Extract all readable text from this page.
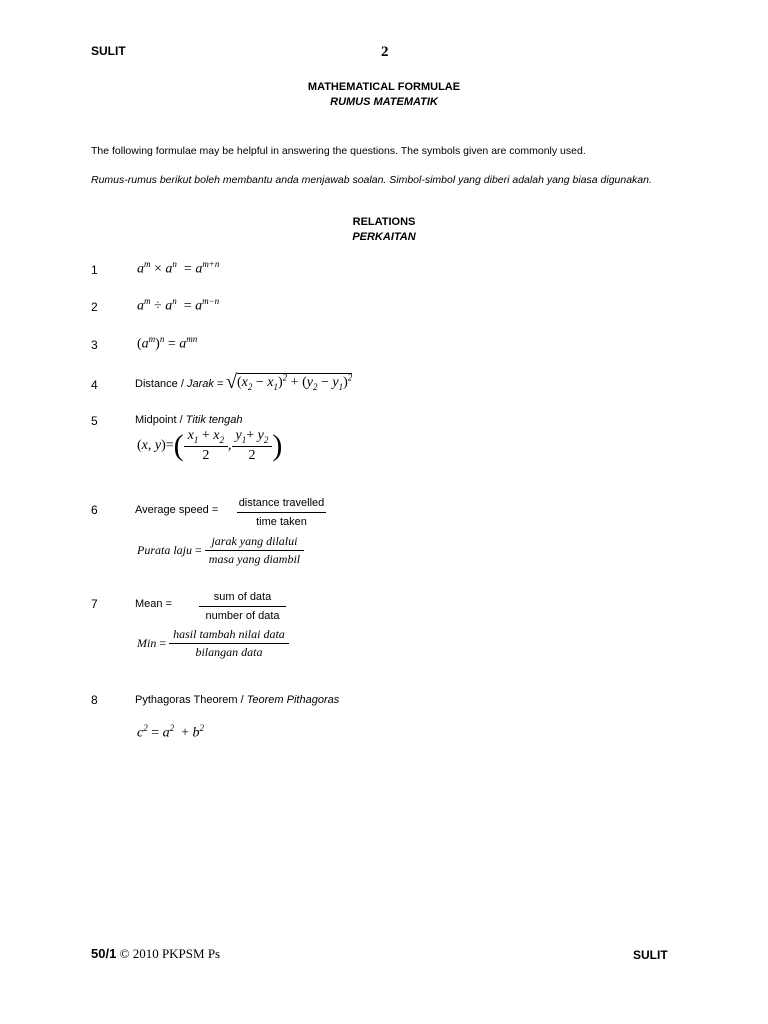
SULIT	2
MATHEMATICAL FORMULAE
RUMUS MATEMATIK
The following formulae may be helpful in answering the questions. The symbols given are commonly used.
Rumus-rumus berikut boleh membantu anda menjawab soalan. Simbol-simbol yang diberi adalah yang biasa digunakan.
RELATIONS
PERKAITAN
1	$a^m \times a^n = a^{m+n}$
2	$a^m \div a^n = a^{m-n}$
3	$(a^m)^n = a^{mn}$
4	Distance / Jarak = $√(x_2 - x_1)^2 + (y_2 - y_1)^2$
5	Midpoint / Titik tengah
(x, $y)=( \frac{x_1 + x_2}{2}$ , $\frac{y_1+ y_2}{2}$ )
6	Average speed =
distance travelled
time taken
Purata laju = $\frac{\text{jarak yang dilalui}}{\text{masa yang diambil}}$
7	Mean =
sum of data
number of data
Min = $\frac{\text{hasil tambah nilai data}}{\text{bilangan data}}$
8	Pythagoras Theorem / Teorem Pithagoras
$c^2 = a^2 + b^2$
50/1 © 2010 PKPSM Ps	SULIT
